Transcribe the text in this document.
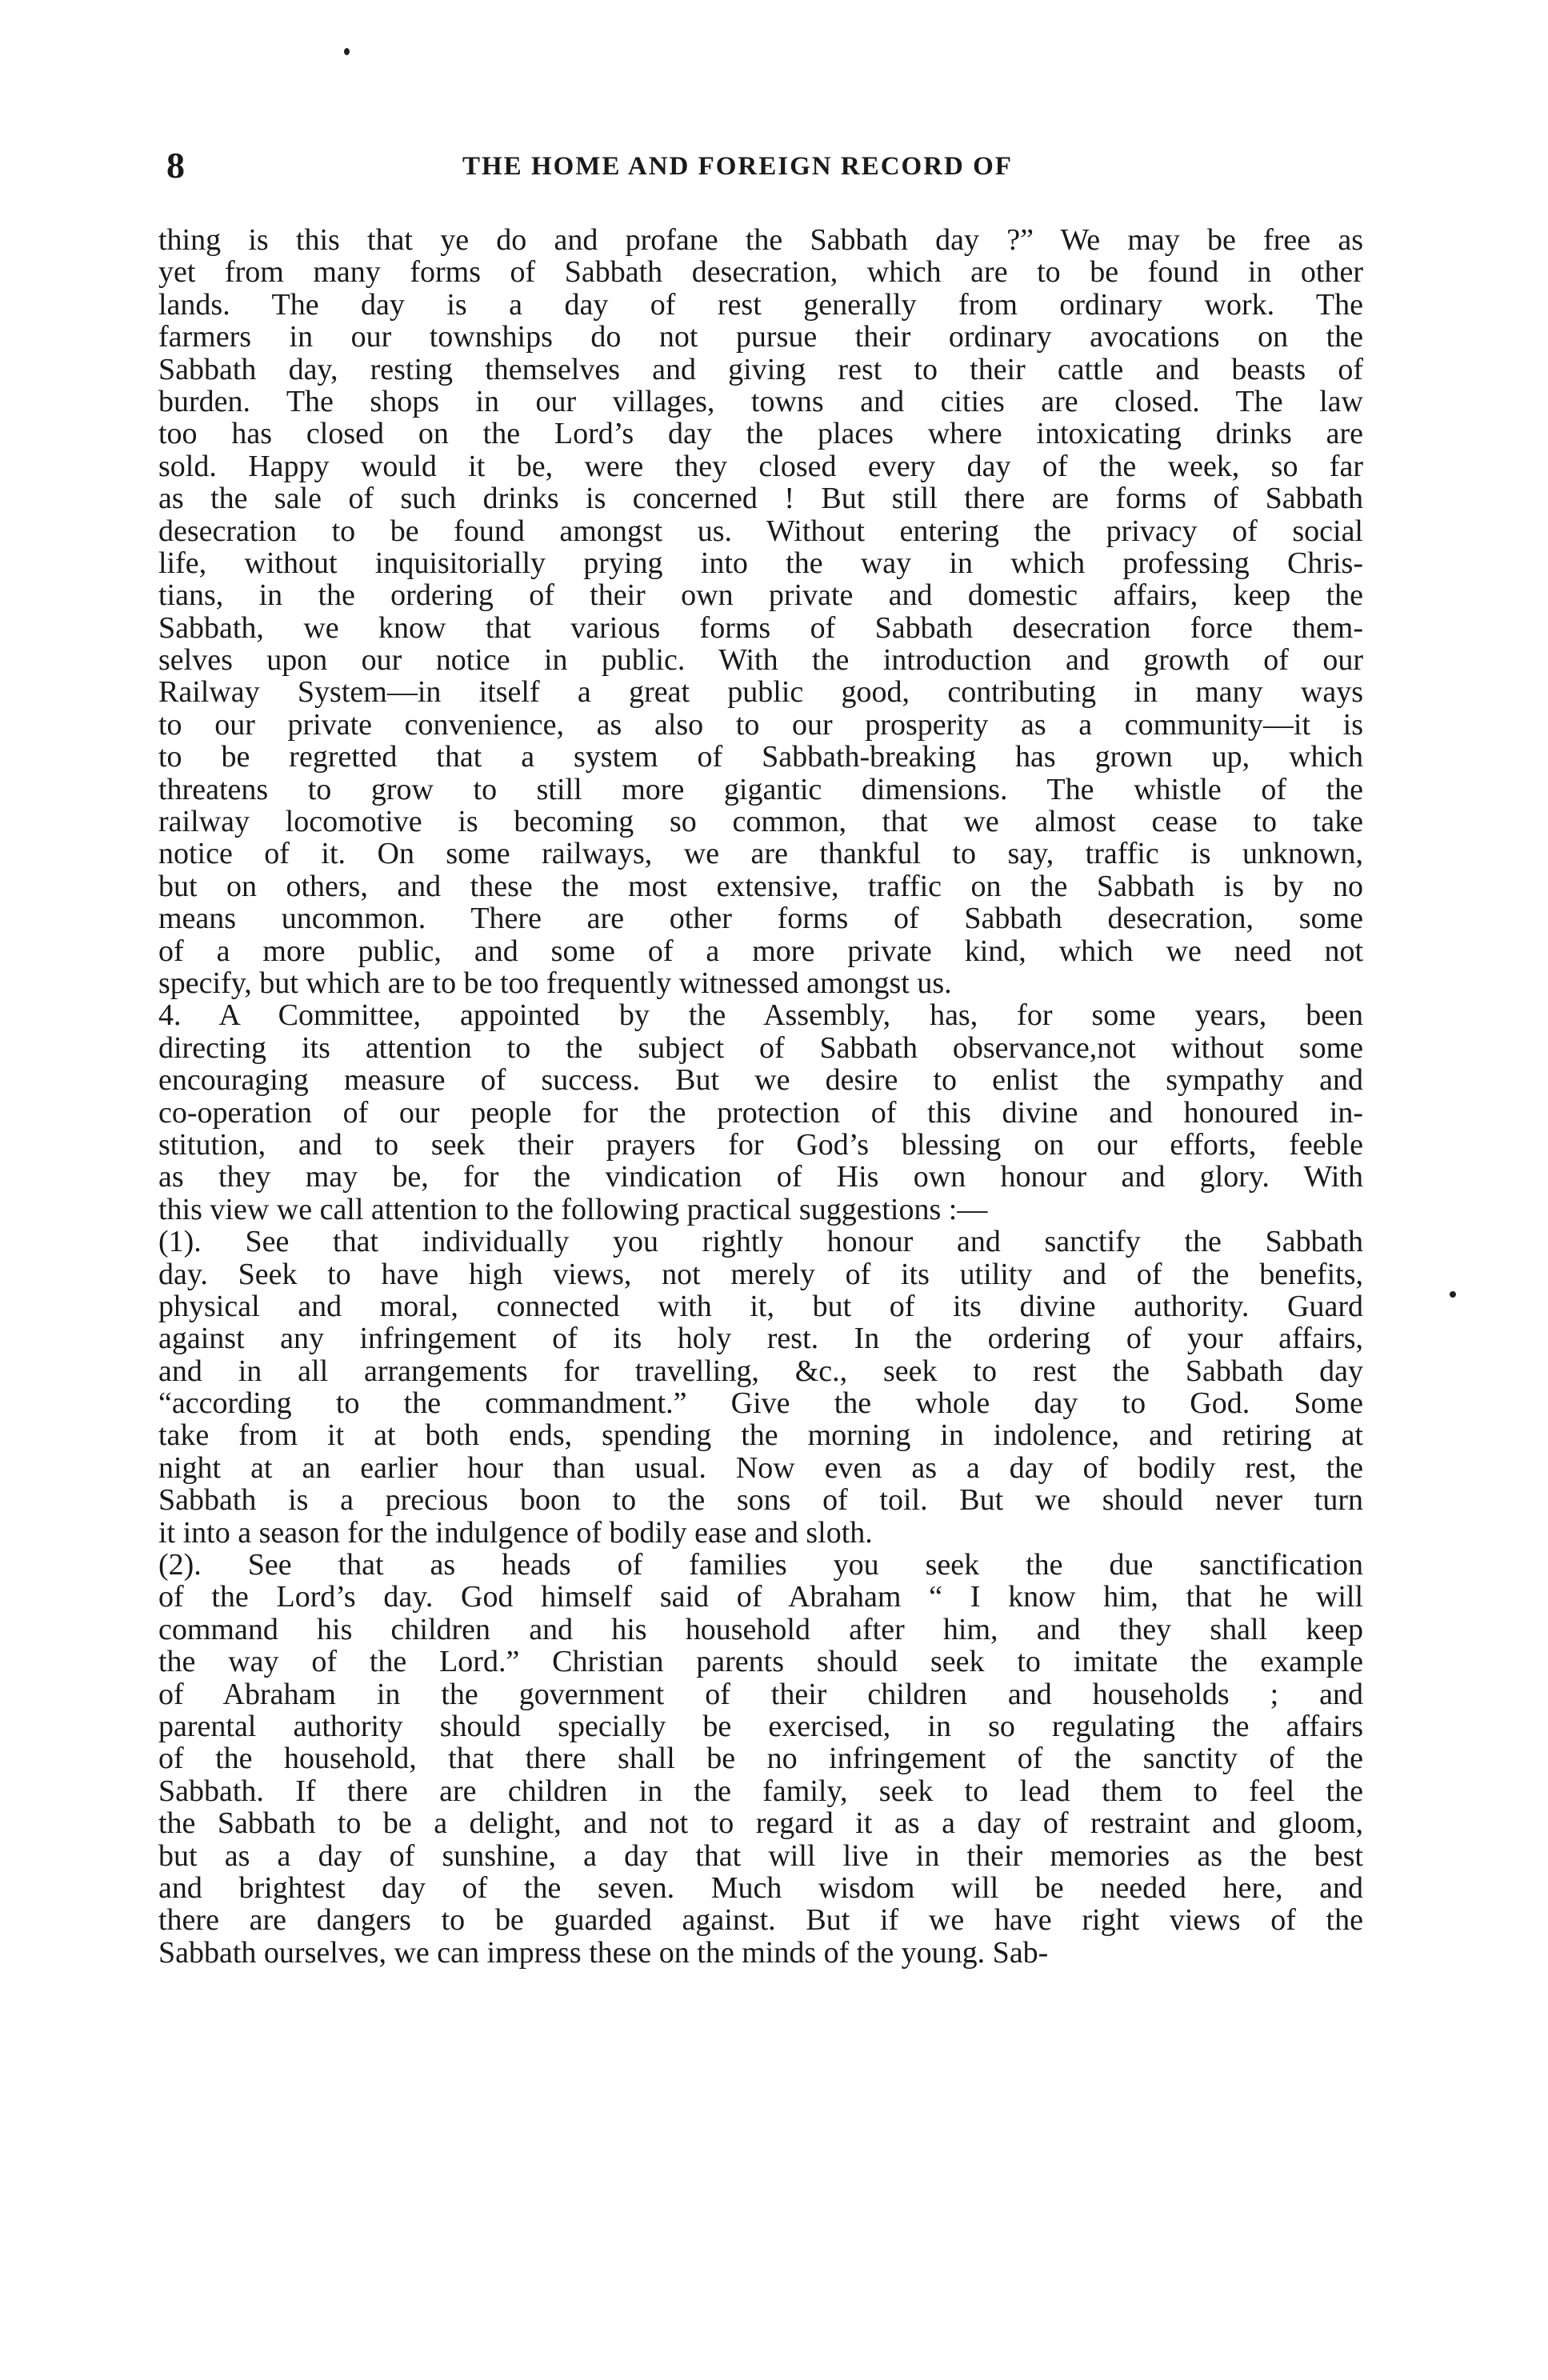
8	THE HOME AND FOREIGN RECORD OF
thing is this that ye do and profane the Sabbath day ?” We may be free as
yet from many forms of Sabbath desecration, which are to be found in other
lands. The day is a day of rest generally from ordinary work. The
farmers in our townships do not pursue their ordinary avocations on the
Sabbath day, resting themselves and giving rest to their cattle and beasts of
burden. The shops in our villages, towns and cities are closed. The law
too has closed on the Lord’s day the places where intoxicating drinks are
sold. Happy would it be, were they closed every day of the week, so far
as the sale of such drinks is concerned ! But still there are forms of Sabbath
desecration to be found amongst us. Without entering the privacy of social
life, without inquisitorially prying into the way in which professing Chris-
tians, in the ordering of their own private and domestic affairs, keep the
Sabbath, we know that various forms of Sabbath desecration force them-
selves upon our notice in public. With the introduction and growth of our
Railway System—in itself a great public good, contributing in many ways
to our private convenience, as also to our prosperity as a community—it is
to be regretted that a system of Sabbath-breaking has grown up, which
threatens to grow to still more gigantic dimensions. The whistle of the
railway locomotive is becoming so common, that we almost cease to take
notice of it. On some railways, we are thankful to say, traffic is unknown,
but on others, and these the most extensive, traffic on the Sabbath is by no
means uncommon. There are other forms of Sabbath desecration, some
of a more public, and some of a more private kind, which we need not
specify, but which are to be too frequently witnessed amongst us.
4. A Committee, appointed by the Assembly, has, for some years, been
directing its attention to the subject of Sabbath observance,not without some
encouraging measure of success. But we desire to enlist the sympathy and
co-operation of our people for the protection of this divine and honoured in-
stitution, and to seek their prayers for God’s blessing on our efforts, feeble
as they may be, for the vindication of His own honour and glory. With
this view we call attention to the following practical suggestions :—
(1). See that individually you rightly honour and sanctify the Sabbath
day. Seek to have high views, not merely of its utility and of the benefits,
physical and moral, connected with it, but of its divine authority. Guard
against any infringement of its holy rest. In the ordering of your affairs,
and in all arrangements for travelling, &c., seek to rest the Sabbath day
“according to the commandment.” Give the whole day to God. Some
take from it at both ends, spending the morning in indolence, and retiring at
night at an earlier hour than usual. Now even as a day of bodily rest, the
Sabbath is a precious boon to the sons of toil. But we should never turn
it into a season for the indulgence of bodily ease and sloth.
(2). See that as heads of families you seek the due sanctification
of the Lord’s day. God himself said of Abraham “ I know him, that he will
command his children and his household after him, and they shall keep
the way of the Lord.” Christian parents should seek to imitate the example
of Abraham in the government of their children and households ; and
parental authority should specially be exercised, in so regulating the affairs
of the household, that there shall be no infringement of the sanctity of the
Sabbath. If there are children in the family, seek to lead them to feel the
the Sabbath to be a delight, and not to regard it as a day of restraint and gloom,
but as a day of sunshine, a day that will live in their memories as the best
and brightest day of the seven. Much wisdom will be needed here, and
there are dangers to be guarded against. But if we have right views of the
Sabbath ourselves, we can impress these on the minds of the young. Sab-
